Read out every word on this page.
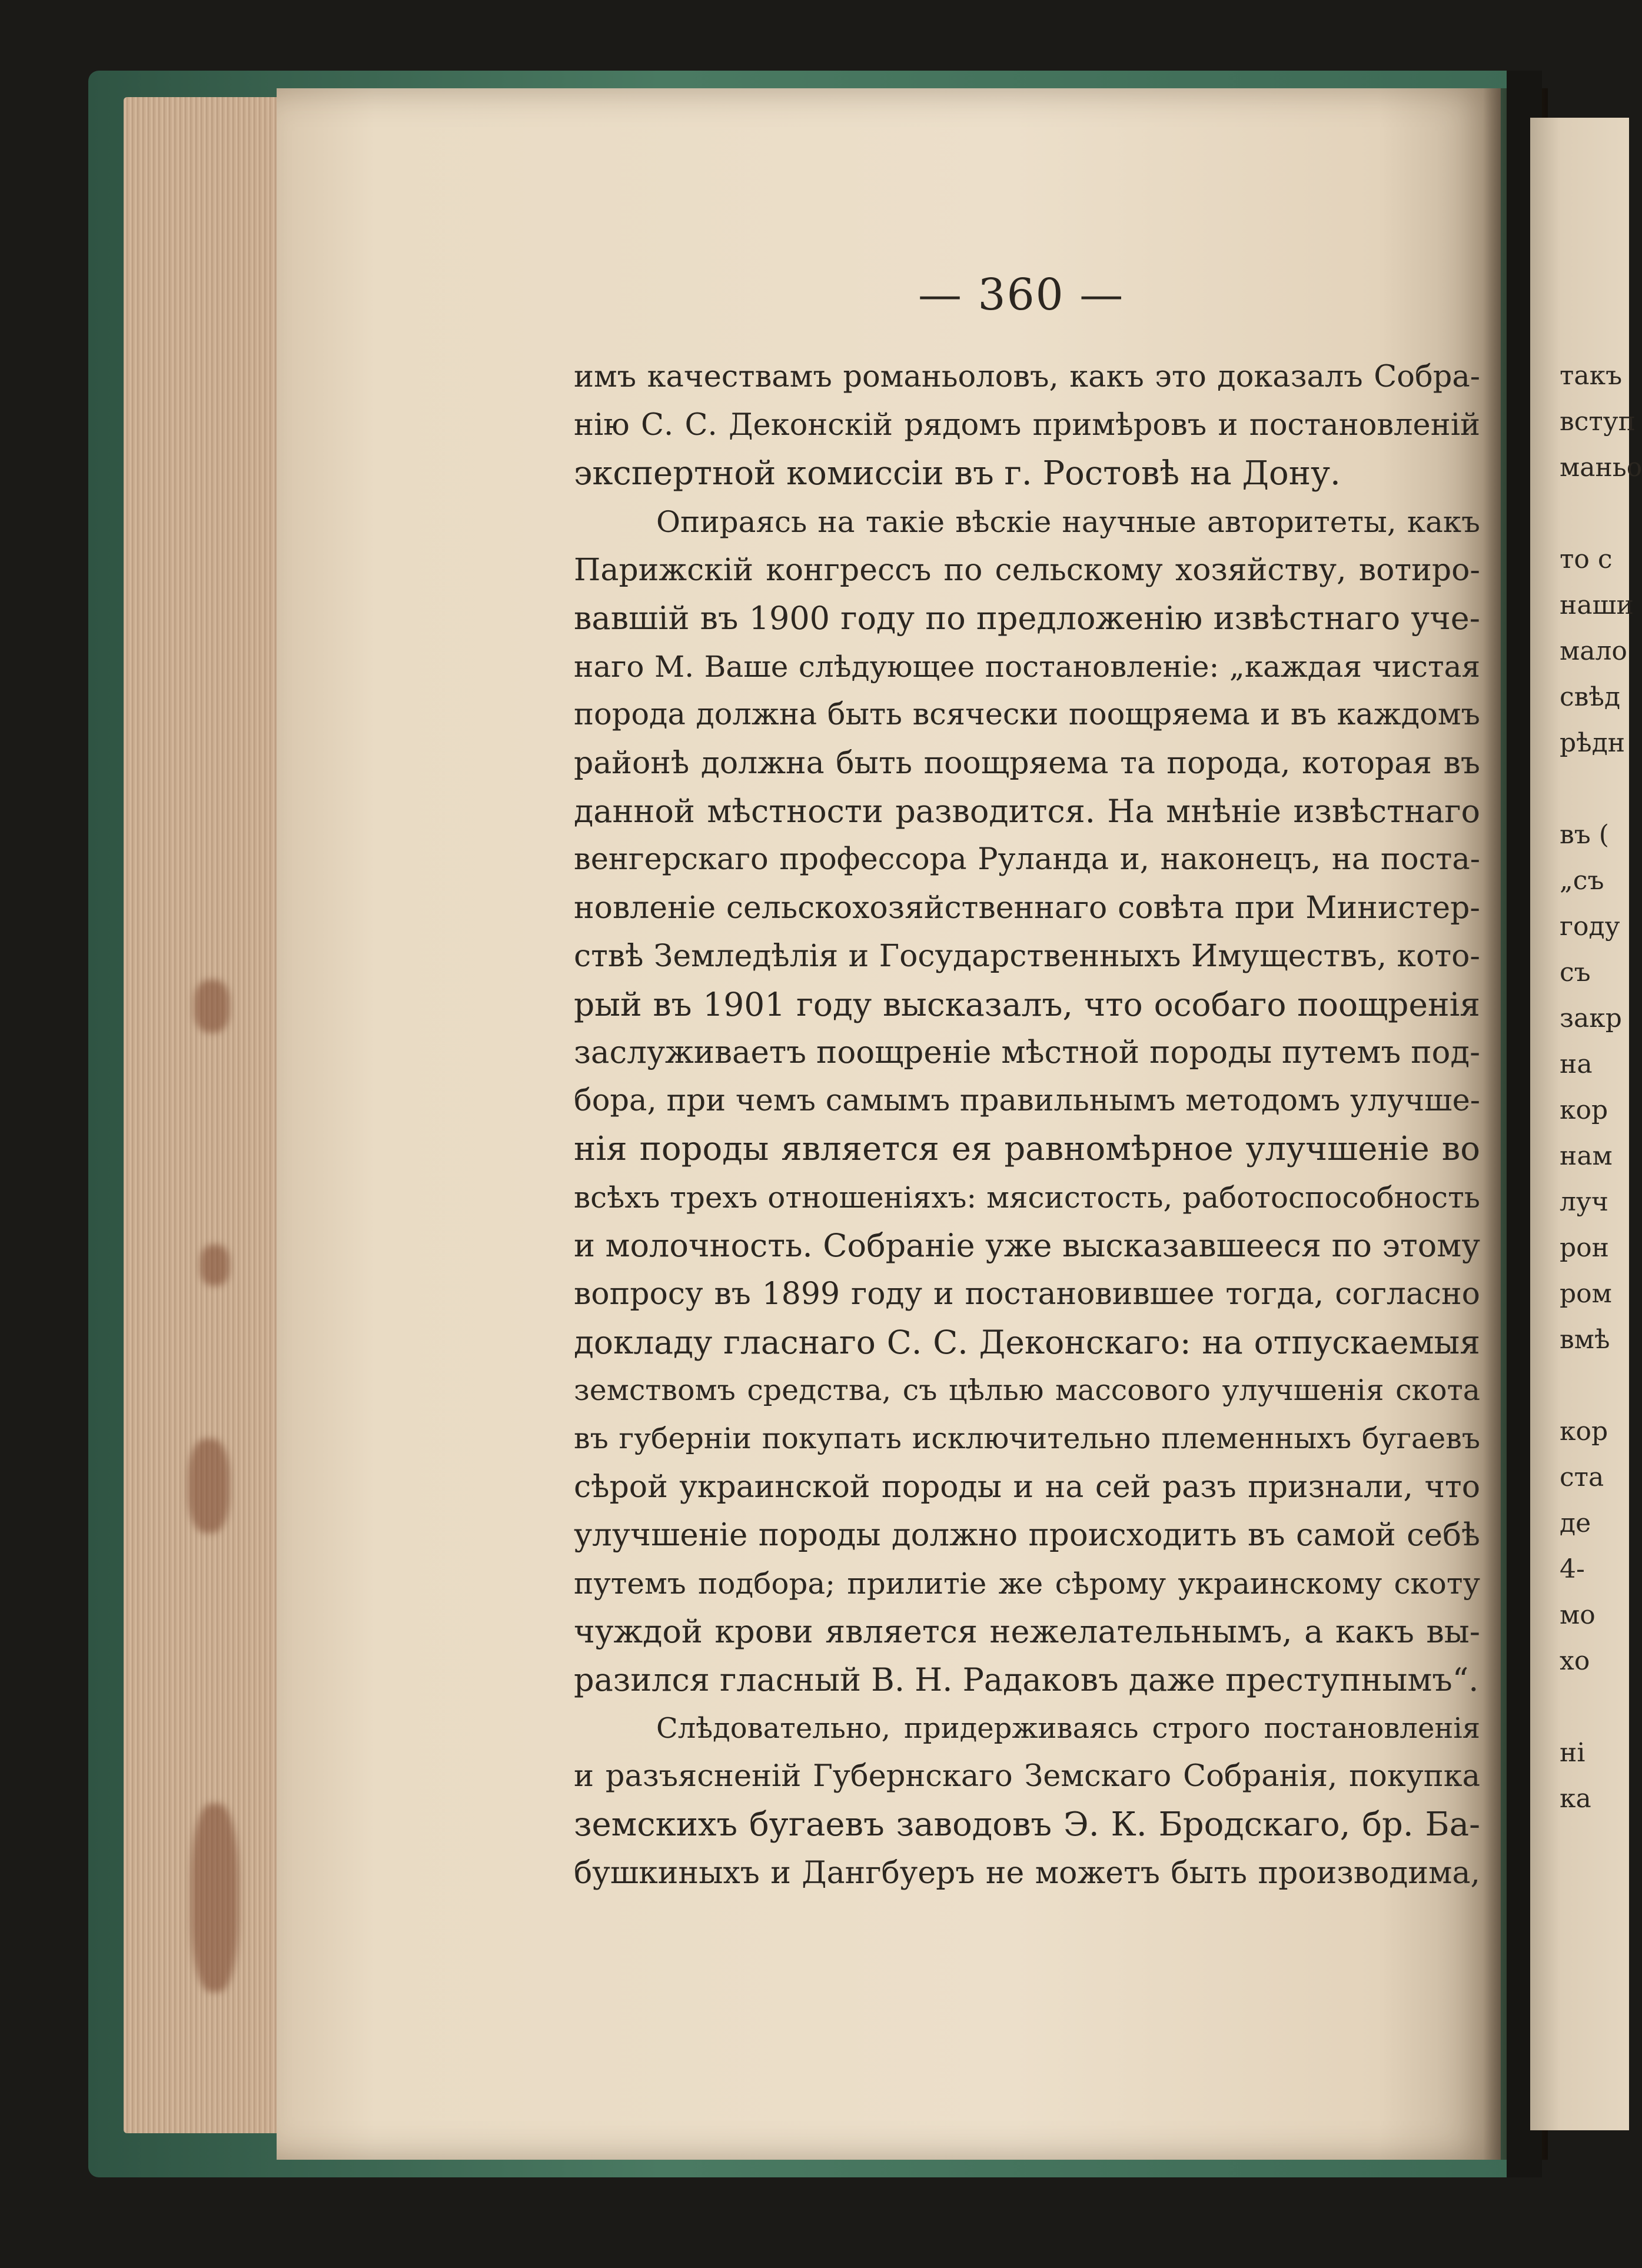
— 360 —
имъ качествамъ романьоловъ, какъ это доказалъ Собра-
нію С. С. Деконскій рядомъ примѣровъ и постановленій
экспертной комиссіи въ г. Ростовѣ на Дону.
Опираясь на такіе вѣскіе научные авторитеты, какъ
Парижскій конгрессъ по сельскому хозяйству, вотиро-
вавшій въ 1900 году по предложенію извѣстнаго уче-
наго М. Ваше слѣдующее постановленіе: „каждая чистая
порода должна быть всячески поощряема и въ каждомъ
районѣ должна быть поощряема та порода, которая въ
данной мѣстности разводится. На мнѣніе извѣстнаго
венгерскаго профессора Руланда и, наконецъ, на поста-
новленіе сельскохозяйственнаго совѣта при Министер-
ствѣ Земледѣлія и Государственныхъ Имуществъ, кото-
рый въ 1901 году высказалъ, что особаго поощренія
заслуживаетъ поощреніе мѣстной породы путемъ под-
бора, при чемъ самымъ правильнымъ методомъ улучше-
нія породы является ея равномѣрное улучшеніе во
всѣхъ трехъ отношеніяхъ: мясистость, работоспособность
и молочность. Собраніе уже высказавшееся по этому
вопросу въ 1899 году и постановившее тогда, согласно
докладу гласнаго С. С. Деконскаго: на отпускаемыя
земствомъ средства, съ цѣлью массового улучшенія скота
въ губерніи покупать исключительно племенныхъ бугаевъ
сѣрой украинской породы и на сей разъ признали, что
улучшеніе породы должно происходить въ самой себѣ
путемъ подбора; прилитіе же сѣрому украинскому скоту
чуждой крови является нежелательнымъ, а какъ вы-
разился гласный В. Н. Радаковъ даже преступнымъ“.
Слѣдовательно, придерживаясь строго постановленія
и разъясненій Губернскаго Земскаго Собранія, покупка
земскихъ бугаевъ заводовъ Э. К. Бродскаго, бр. Ба-
бушкиныхъ и Дангбуеръ не можетъ быть производима,
такъ
вступ
маньо
то с
наши
мало
свѣд
рѣдн
въ (
„съ
году
съ
закр
на
кор
нам
луч
рон
ром
вмѣ
кор
ста
де
4-
мо
хо
ні
ка
